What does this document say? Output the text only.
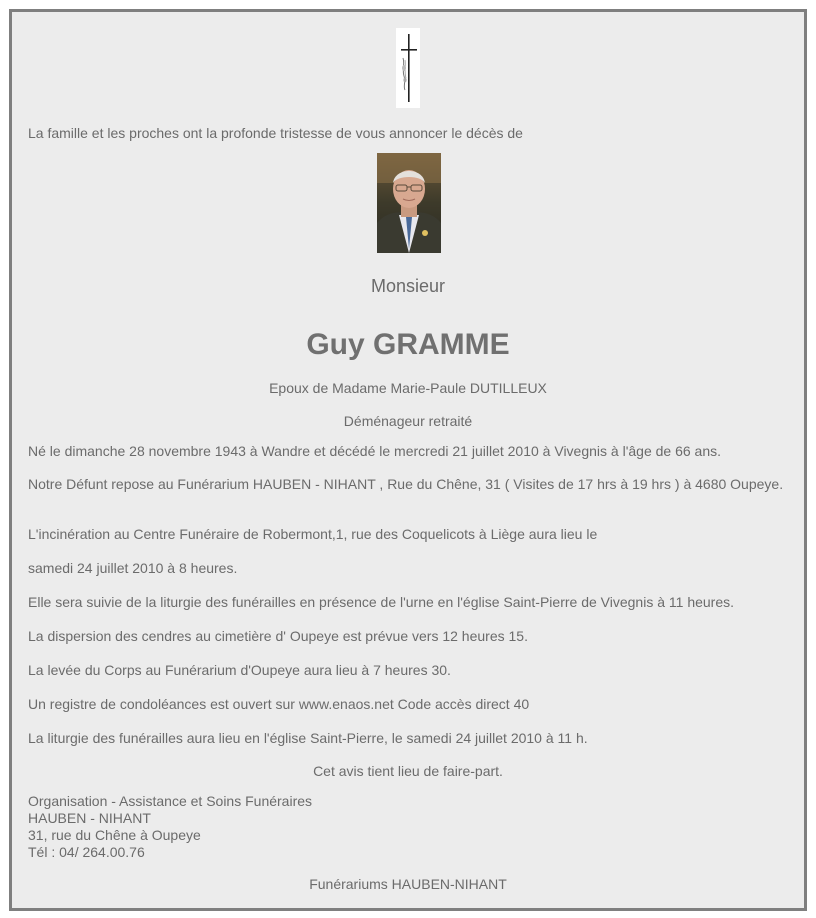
La famille et les proches ont la profonde tristesse de vous annoncer le décès de
Monsieur
Guy GRAMME
Epoux de Madame Marie-Paule DUTILLEUX
Déménageur retraité
Né le dimanche 28 novembre 1943 à Wandre et décédé le mercredi 21 juillet 2010 à Vivegnis à l'âge de 66 ans.
Notre Défunt repose au Funérarium HAUBEN - NIHANT , Rue du Chêne, 31 ( Visites de 17 hrs à 19 hrs ) à 4680 Oupeye.
L'incinération au Centre Funéraire de Robermont,1, rue des Coquelicots à Liège aura lieu le
samedi 24 juillet 2010 à 8 heures.
Elle sera suivie de la liturgie des funérailles en présence de l'urne en l'église Saint-Pierre de Vivegnis à 11 heures.
La dispersion des cendres au cimetière d' Oupeye est prévue vers 12 heures 15.
La levée du Corps au Funérarium d'Oupeye aura lieu à 7 heures 30.
Un registre de condoléances est ouvert sur www.enaos.net Code accès direct 40
La liturgie des funérailles aura lieu en l'église Saint-Pierre, le samedi 24 juillet 2010 à 11 h.
Cet avis tient lieu de faire-part.
Organisation - Assistance et Soins Funéraires
HAUBEN - NIHANT
31, rue du Chêne à Oupeye
Tél : 04/ 264.00.76
Funérariums HAUBEN-NIHANT
